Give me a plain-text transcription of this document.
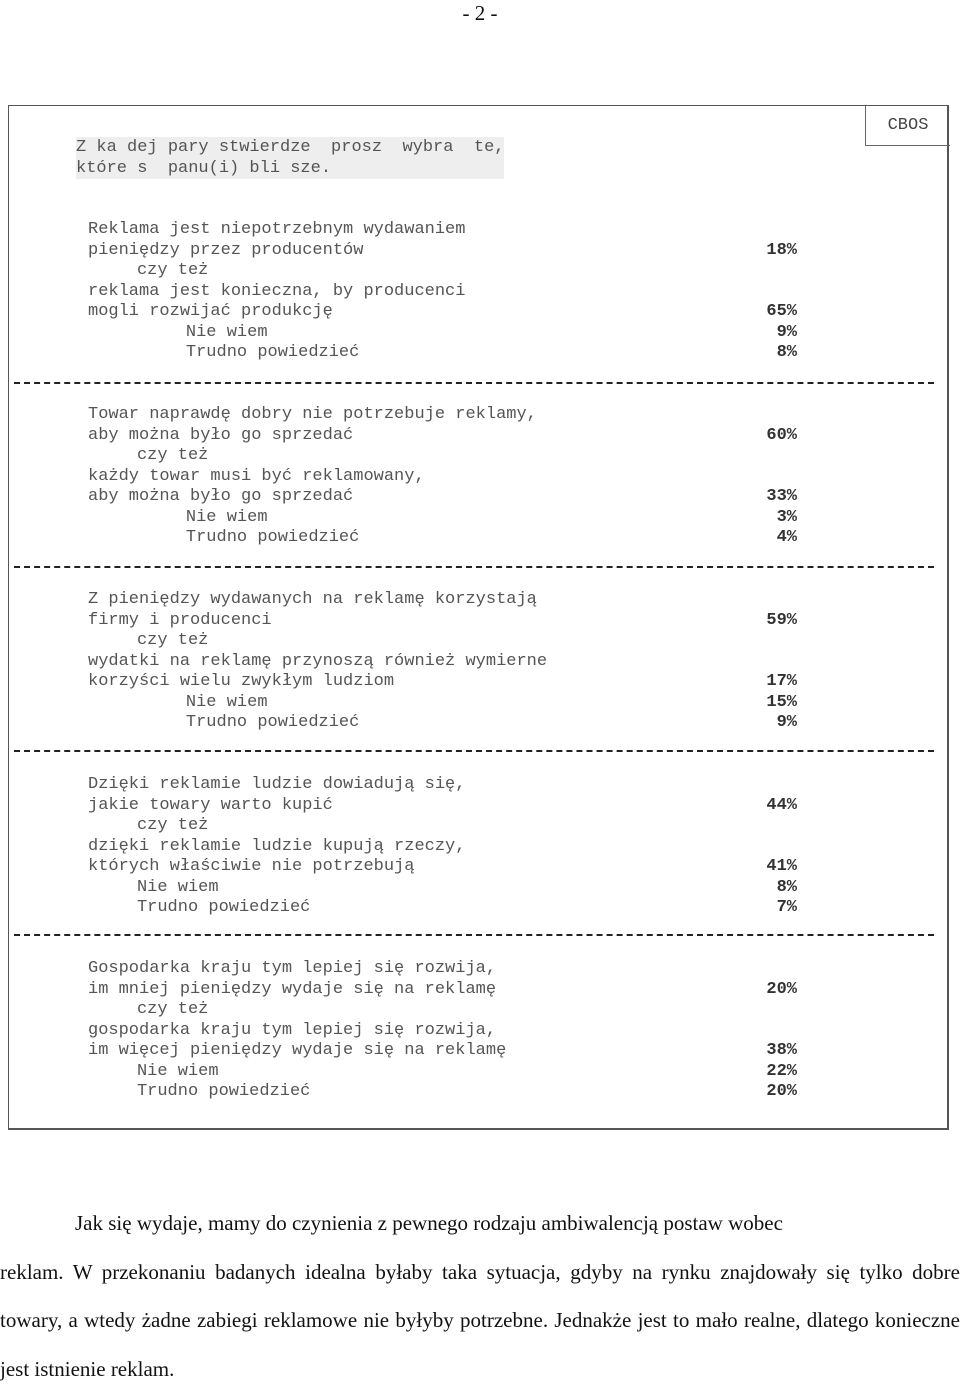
- 2 -
CBOS
Z ka dej pary stwierdze  prosz  wybra  te,
które s  panu(i) bli sze.
Reklama jest niepotrzebnym wydawaniem
pieniędzy przez producentów	18%
czy też
reklama jest konieczna, by producenci
mogli rozwijać produkcję	65%
Nie wiem	9%
Trudno powiedzieć	8%
Towar naprawdę dobry nie potrzebuje reklamy,
aby można było go sprzedać	60%
czy też
każdy towar musi być reklamowany,
aby można było go sprzedać	33%
Nie wiem	3%
Trudno powiedzieć	4%
Z pieniędzy wydawanych na reklamę korzystają
firmy i producenci	59%
czy też
wydatki na reklamę przynoszą również wymierne
korzyści wielu zwykłym ludziom	17%
Nie wiem	15%
Trudno powiedzieć	9%
Dzięki reklamie ludzie dowiadują się,
jakie towary warto kupić	44%
czy też
dzięki reklamie ludzie kupują rzeczy,
których właściwie nie potrzebują	41%
Nie wiem	8%
Trudno powiedzieć	7%
Gospodarka kraju tym lepiej się rozwija,
im mniej pieniędzy wydaje się na reklamę	20%
czy też
gospodarka kraju tym lepiej się rozwija,
im więcej pieniędzy wydaje się na reklamę	38%
Nie wiem	22%
Trudno powiedzieć	20%

Jak się wydaje, mamy do czynienia z pewnego rodzaju ambiwalencją postaw wobec
reklam. W przekonaniu badanych idealna byłaby taka sytuacja, gdyby na rynku znajdowały się tylko dobre towary, a wtedy żadne zabiegi reklamowe nie byłyby potrzebne. Jednakże jest to mało realne, dlatego konieczne jest istnienie reklam.
